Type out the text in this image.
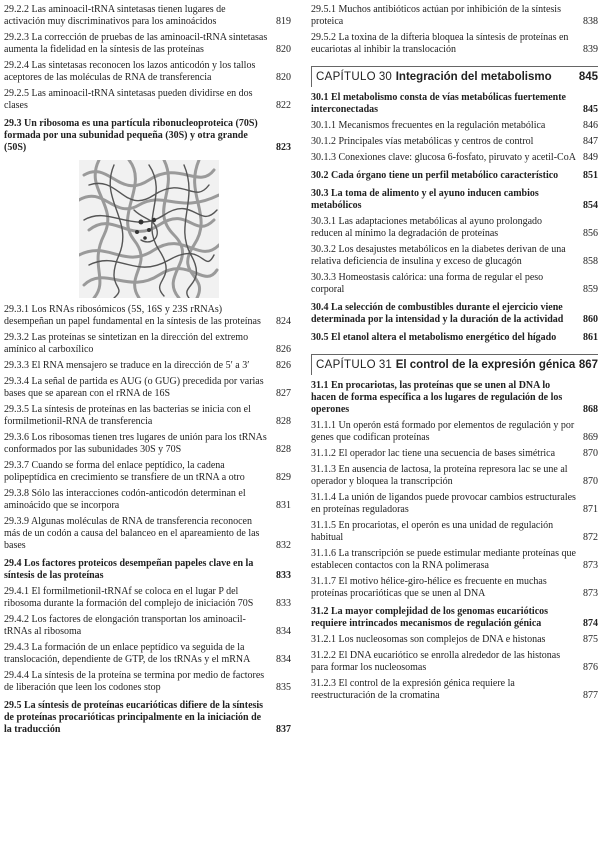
29.2.2 Las aminoacil-tRNA sintetasas tienen lugares de activación muy discriminativos para los aminoácidos	819
29.2.3 La corrección de pruebas de las aminoacil-tRNA sintetasas aumenta la fidelidad en la síntesis de las proteínas	820
29.2.4 Las sintetasas reconocen los lazos anticodón y los tallos aceptores de las moléculas de RNA de transferencia	820
29.2.5 Las aminoacil-tRNA sintetasas pueden dividirse en dos clases	822
29.3 Un ribosoma es una partícula ribonucleoproteica (70S) formada por una subunidad pequeña (30S) y otra grande (50S)	823
29.3.1 Los RNAs ribosómicos (5S, 16S y 23S rRNAs) desempeñan un papel fundamental en la síntesis de las proteínas	824
29.3.2 Las proteínas se sintetizan en la dirección del extremo amínico al carboxílico	826
29.3.3 El RNA mensajero se traduce en la dirección de 5′ a 3′	826
29.3.4 La señal de partida es AUG (o GUG) precedida por varias bases que se aparean con el rRNA de 16S	827
29.3.5 La síntesis de proteínas en las bacterias se inicia con el formilmetionil-RNA de transferencia	828
29.3.6 Los ribosomas tienen tres lugares de unión para los tRNAs conformados por las subunidades 30S y 70S	828
29.3.7 Cuando se forma del enlace peptídico, la cadena polipeptídica en crecimiento se transfiere de un tRNA a otro	829
29.3.8 Sólo las interacciones codón-anticodón determinan el aminoácido que se incorpora	831
29.3.9 Algunas moléculas de RNA de transferencia reconocen más de un codón a causa del balanceo en el apareamiento de las bases	832
29.4 Los factores proteicos desempeñan papeles clave en la síntesis de las proteínas	833
29.4.1 El formilmetionil-tRNAf se coloca en el lugar P del ribosoma durante la formación del complejo de iniciación 70S	833
29.4.2 Los factores de elongación transportan los aminoacil-tRNAs al ribosoma	834
29.4.3 La formación de un enlace peptídico va seguida de la translocación, dependiente de GTP, de los tRNAs y el mRNA	834
29.4.4 La síntesis de la proteína se termina por medio de factores de liberación que leen los codones stop	835
29.5 La síntesis de proteínas eucarióticas difiere de la síntesis de proteínas procarióticas principalmente en la iniciación de la traducción	837
29.5.1 Muchos antibióticos actúan por inhibición de la síntesis proteica	838
29.5.2 La toxina de la difteria bloquea la síntesis de proteínas en eucariotas al inhibir la translocación	839
CAPÍTULO 30 Integración del metabolismo	845
30.1 El metabolismo consta de vías metabólicas fuertemente interconectadas	845
30.1.1 Mecanismos frecuentes en la regulación metabólica	846
30.1.2 Principales vías metabólicas y centros de control	847
30.1.3 Conexiones clave: glucosa 6-fosfato, piruvato y acetil-CoA 849
30.2 Cada órgano tiene un perfil metabólico característico	851
30.3 La toma de alimento y el ayuno inducen cambios metabólicos	854
30.3.1 Las adaptaciones metabólicas al ayuno prolongado reducen al mínimo la degradación de proteínas	856
30.3.2 Los desajustes metabólicos en la diabetes derivan de una relativa deficiencia de insulina y exceso de glucagón	858
30.3.3 Homeostasis calórica: una forma de regular el peso corporal	859
30.4 La selección de combustibles durante el ejercicio viene determinada por la intensidad y la duración de la actividad	860
30.5 El etanol altera el metabolismo energético del hígado	861
CAPÍTULO 31 El control de la expresión génica 867
31.1 En procariotas, las proteínas que se unen al DNA lo hacen de forma específica a los lugares de regulación de los operones	868
31.1.1 Un operón está formado por elementos de regulación y por genes que codifican proteínas	869
31.1.2 El operador lac tiene una secuencia de bases simétrica	870
31.1.3 En ausencia de lactosa, la proteína represora lac se une al operador y bloquea la transcripción	870
31.1.4 La unión de ligandos puede provocar cambios estructurales en proteínas reguladoras	871
31.1.5 En procariotas, el operón es una unidad de regulación habitual	872
31.1.6 La transcripción se puede estimular mediante proteínas que establecen contactos con la RNA polimerasa	873
31.1.7 El motivo hélice-giro-hélice es frecuente en muchas proteínas procarióticas que se unen al DNA	873
31.2 La mayor complejidad de los genomas eucarióticos requiere intrincados mecanismos de regulación génica	874
31.2.1 Los nucleosomas son complejos de DNA e histonas	875
31.2.2 El DNA eucariótico se enrolla alrededor de las histonas para formar los nucleosomas	876
31.2.3 El control de la expresión génica requiere la reestructuración de la cromatina	877
